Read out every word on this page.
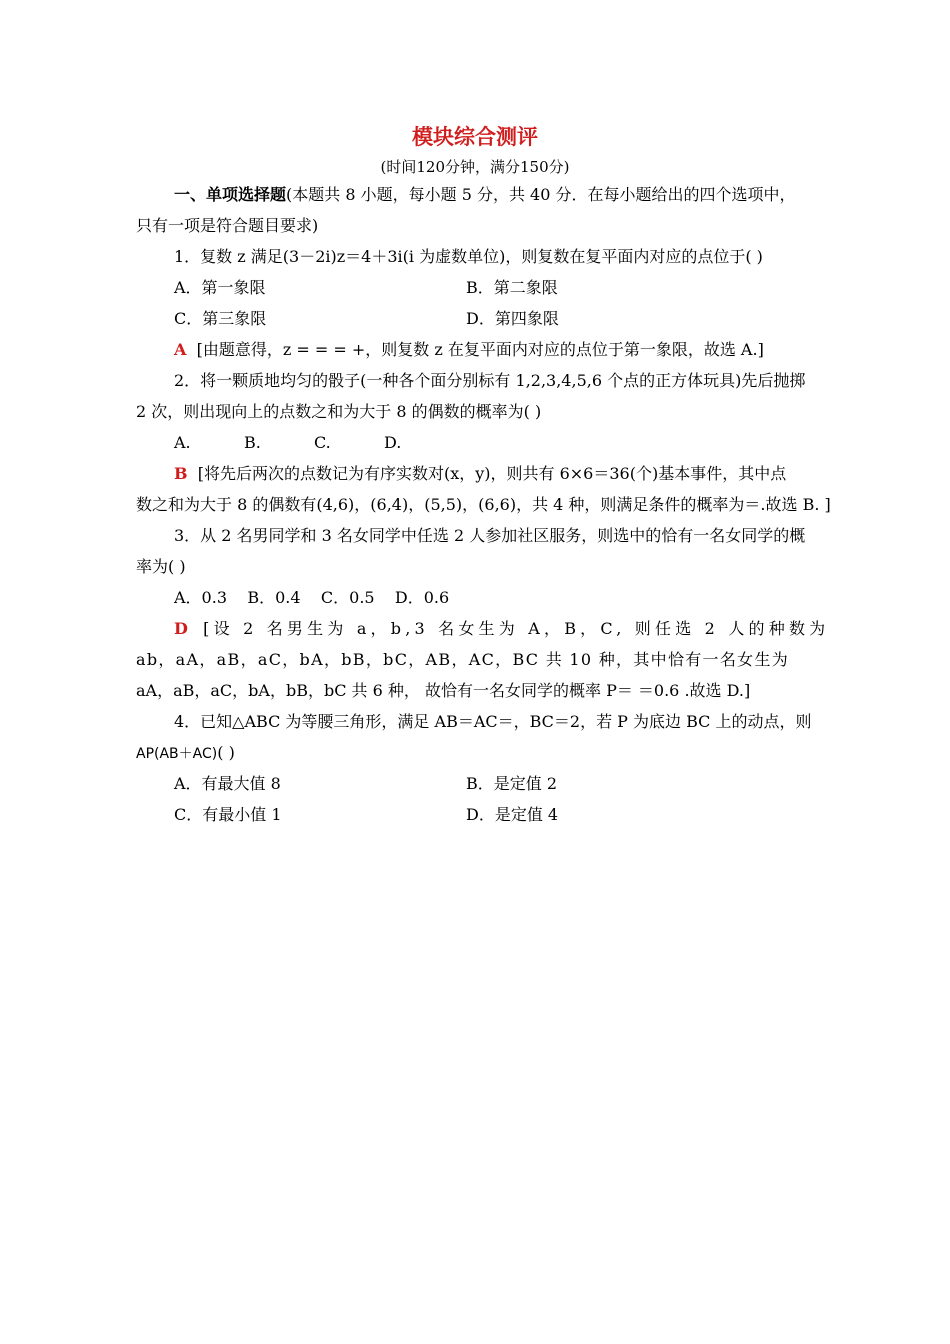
模块综合测评
(时间120分钟，满分150分)
一、单项选择题(本题共 8 小题，每小题 5 分，共 40 分．在每小题给出的四个选项中，
只有一项是符合题目要求)
1．复数 z 满足(3－2i)z＝4＋3i(i 为虚数单位)，则复数在复平面内对应的点位于( )
A．第一象限	B．第二象限
C．第三象限	D．第四象限
A [由题意得，z = = = +，则复数 z 在复平面内对应的点位于第一象限，故选 A.]
2．将一颗质地均匀的骰子(一种各个面分别标有 1,2,3,4,5,6 个点的正方体玩具)先后抛掷
2 次，则出现向上的点数之和为大于 8 的偶数的概率为( )
A.	B.	C.	D.
B [将先后两次的点数记为有序实数对(x，y)，则共有 6×6＝36(个)基本事件，其中点
数之和为大于 8 的偶数有(4,6)，(6,4)，(5,5)，(6,6)，共 4 种，则满足条件的概率为＝.故选 B. ]
3．从 2 名男同学和 3 名女同学中任选 2 人参加社区服务，则选中的恰有一名女同学的概
率为( )
A．0.3    B．0.4    C．0.5    D．0.6
D [设 2 名男生为 a，b,3 名女生为 A，B，C, 则任选 2 人的种数为
ab，aA，aB，aC，bA，bB，bC，AB，AC，BC 共 10 种，其中恰有一名女生为
aA，aB，aC，bA，bB，bC 共 6 种， 故恰有一名女同学的概率 P＝ ＝0.6 .故选 D.]
4．已知△ABC 为等腰三角形，满足 AB＝AC＝，BC＝2，若 P 为底边 BC 上的动点，则
AP(AB＋AC)( )
A．有最大值 8	B．是定值 2
C．有最小值 1	D．是定值 4
